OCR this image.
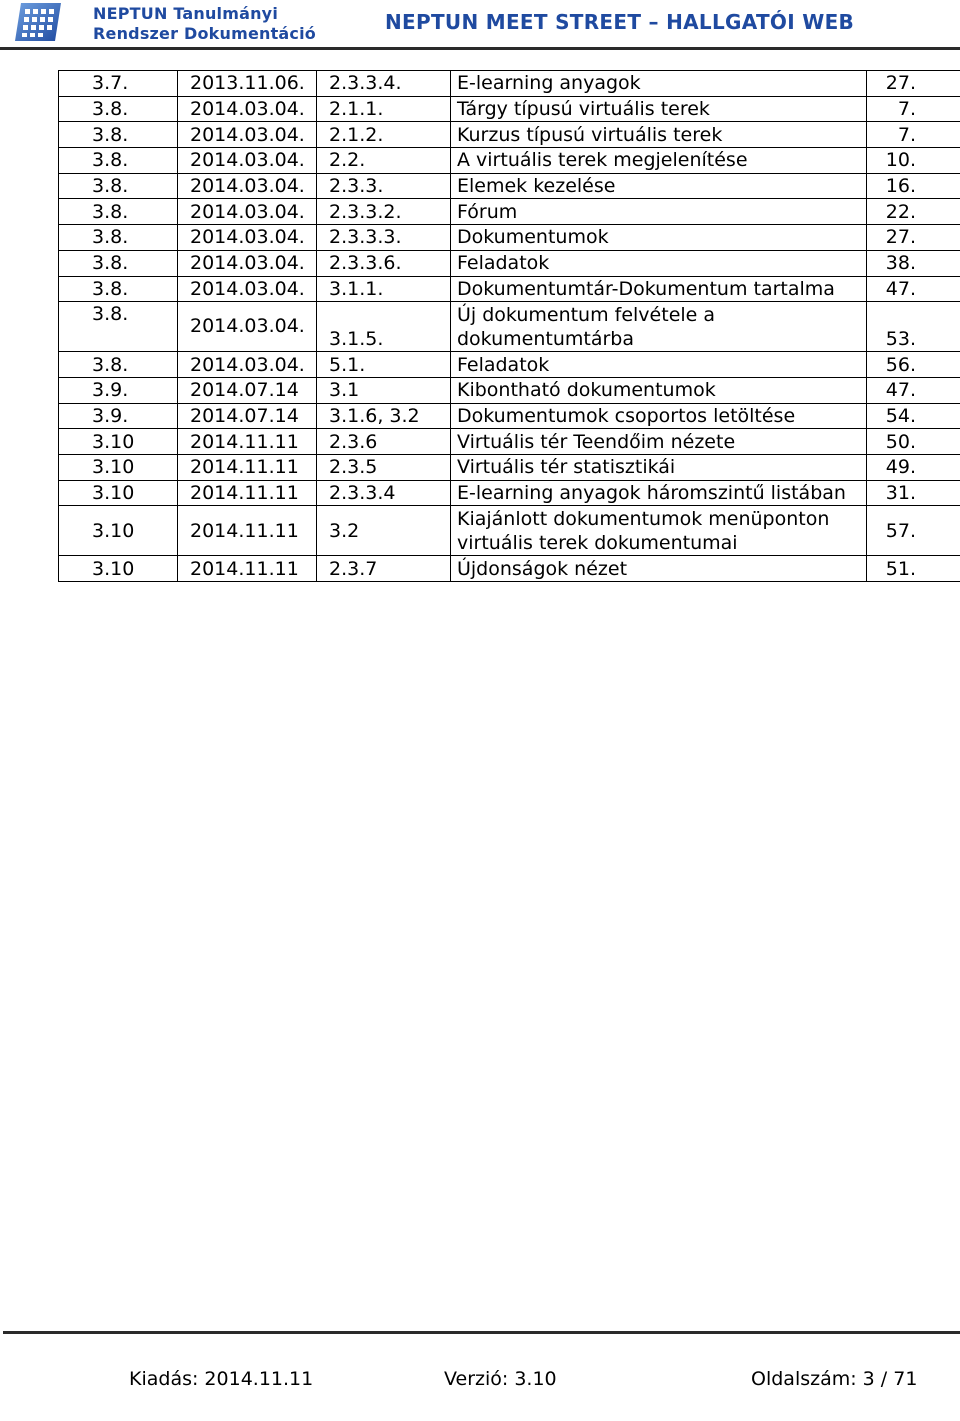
NEPTUN Tanulmányi
Rendszer Dokumentáció	NEPTUN MEET STREET – HALLGATÓI WEB
3.7.	2013.11.06.	2.3.3.4.	E-learning anyagok	27.
3.8.	2014.03.04.	2.1.1.	Tárgy típusú virtuális terek	7.
3.8.	2014.03.04.	2.1.2.	Kurzus típusú virtuális terek	7.
3.8.	2014.03.04.	2.2.	A virtuális terek megjelenítése	10.
3.8.	2014.03.04.	2.3.3.	Elemek kezelése	16.
3.8.	2014.03.04.	2.3.3.2.	Fórum	22.
3.8.	2014.03.04.	2.3.3.3.	Dokumentumok	27.
3.8.	2014.03.04.	2.3.3.6.	Feladatok	38.
3.8.	2014.03.04.	3.1.1.	Dokumentumtár-Dokumentum tartalma	47.
3.8.	2014.03.04.	3.1.5.	Új dokumentum felvétele a
dokumentumtárba	53.
3.8.	2014.03.04.	5.1.	Feladatok	56.
3.9.	2014.07.14	3.1	Kibontható dokumentumok	47.
3.9.	2014.07.14	3.1.6, 3.2	Dokumentumok csoportos letöltése	54.
3.10	2014.11.11	2.3.6	Virtuális tér Teendőim nézete	50.
3.10	2014.11.11	2.3.5	Virtuális tér statisztikái	49.
3.10	2014.11.11	2.3.3.4	E-learning anyagok háromszintű listában	31.
3.10	2014.11.11	3.2	Kiajánlott dokumentumok menüponton
virtuális terek dokumentumai	57.
3.10	2014.11.11	2.3.7	Újdonságok nézet	51.
Kiadás: 2014.11.11	Verzió: 3.10	Oldalszám: 3 / 71
